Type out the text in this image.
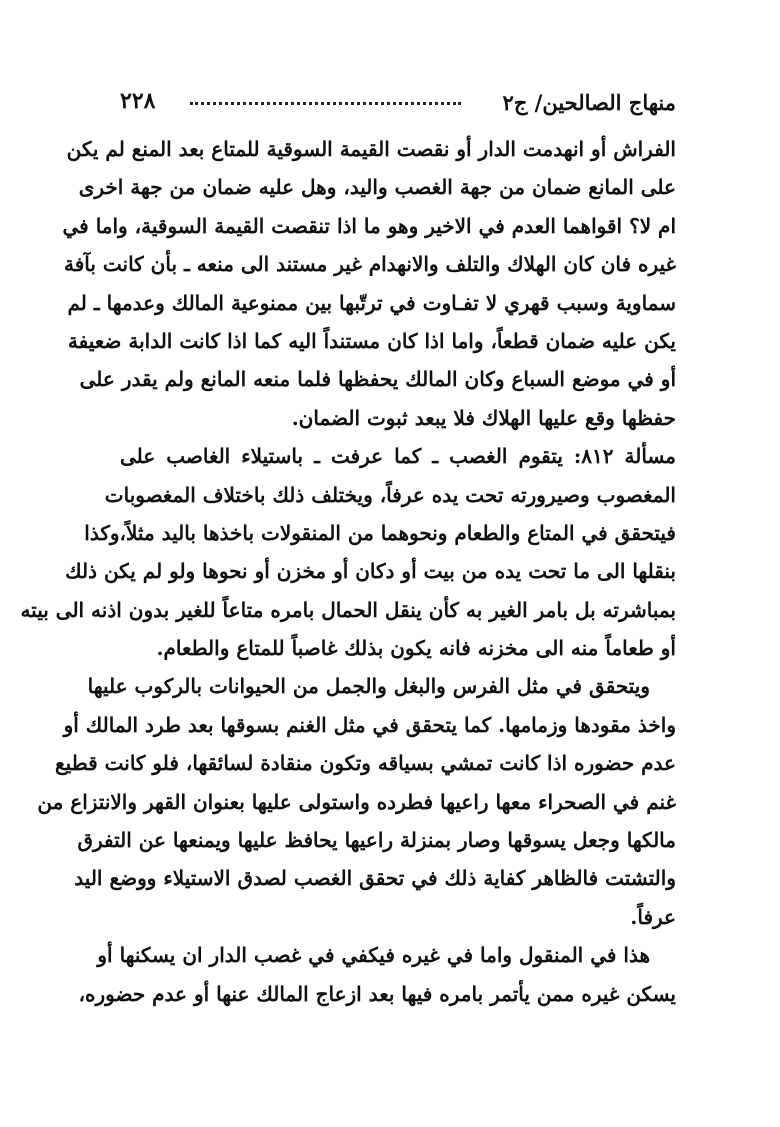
منهاج الصالحين/ ج٢
٢٢٨
الفراش أو انهدمت الدار أو نقصت القيمة السوقية للمتاع بعد المنع لم يكن
على المانع ضمان من جهة الغصب واليد، وهل عليه ضمان من جهة اخرى
ام لا؟ اقواهما العدم في الاخير وهو ما اذا تنقصت القيمة السوقية، واما في
غيره فان كان الهلاك والتلف والانهدام غير مستند الى منعه ـ بأن كانت بآفة
سماوية وسبب قهري لا تفـاوت في ترتّبها بين ممنوعية المالك وعدمها ـ لم
يكن عليه ضمان قطعاً، واما اذا كان مستنداً اليه كما اذا كانت الدابة ضعيفة
أو في موضع السباع وكان المالك يحفظها فلما منعه المانع ولم يقدر على
حفظها وقع عليها الهلاك فلا يبعد ثبوت الضمان.
مسألة ٨١٢: يتقوم الغصب ـ كما عرفت ـ باستيلاء الغاصب على
المغصوب وصيرورته تحت يده عرفاً، ويختلف ذلك باختلاف المغصوبات
فيتحقق في المتاع والطعام ونحوهما من المنقولات باخذها باليد مثلاً،وكذا
بنقلها الى ما تحت يده من بيت أو دكان أو مخزن أو نحوها ولو لم يكن ذلك
بمباشرته بل بامر الغير به كأن ينقل الحمال بامره متاعاً للغير بدون اذنه الى بيته
أو طعاماً منه الى مخزنه فانه يكون بذلك غاصباً للمتاع والطعام.
ويتحقق في مثل الفرس والبغل والجمل من الحيوانات بالركوب عليها
واخذ مقودها وزمامها. كما يتحقق في مثل الغنم بسوقها بعد طرد المالك أو
عدم حضوره اذا كانت تمشي بسياقه وتكون منقادة لسائقها، فلو كانت قطيع
غنم في الصحراء معها راعيها فطرده واستولى عليها بعنوان القهر والانتزاع من
مالكها وجعل يسوقها وصار بمنزلة راعيها يحافظ عليها ويمنعها عن التفرق
والتشتت فالظاهر كفاية ذلك في تحقق الغصب لصدق الاستيلاء ووضع اليد
عرفاً.
هذا في المنقول واما في غيره فيكفي في غصب الدار ان يسكنها أو
يسكن غيره ممن يأتمر بامره فيها بعد ازعاج المالك عنها أو عدم حضوره،
